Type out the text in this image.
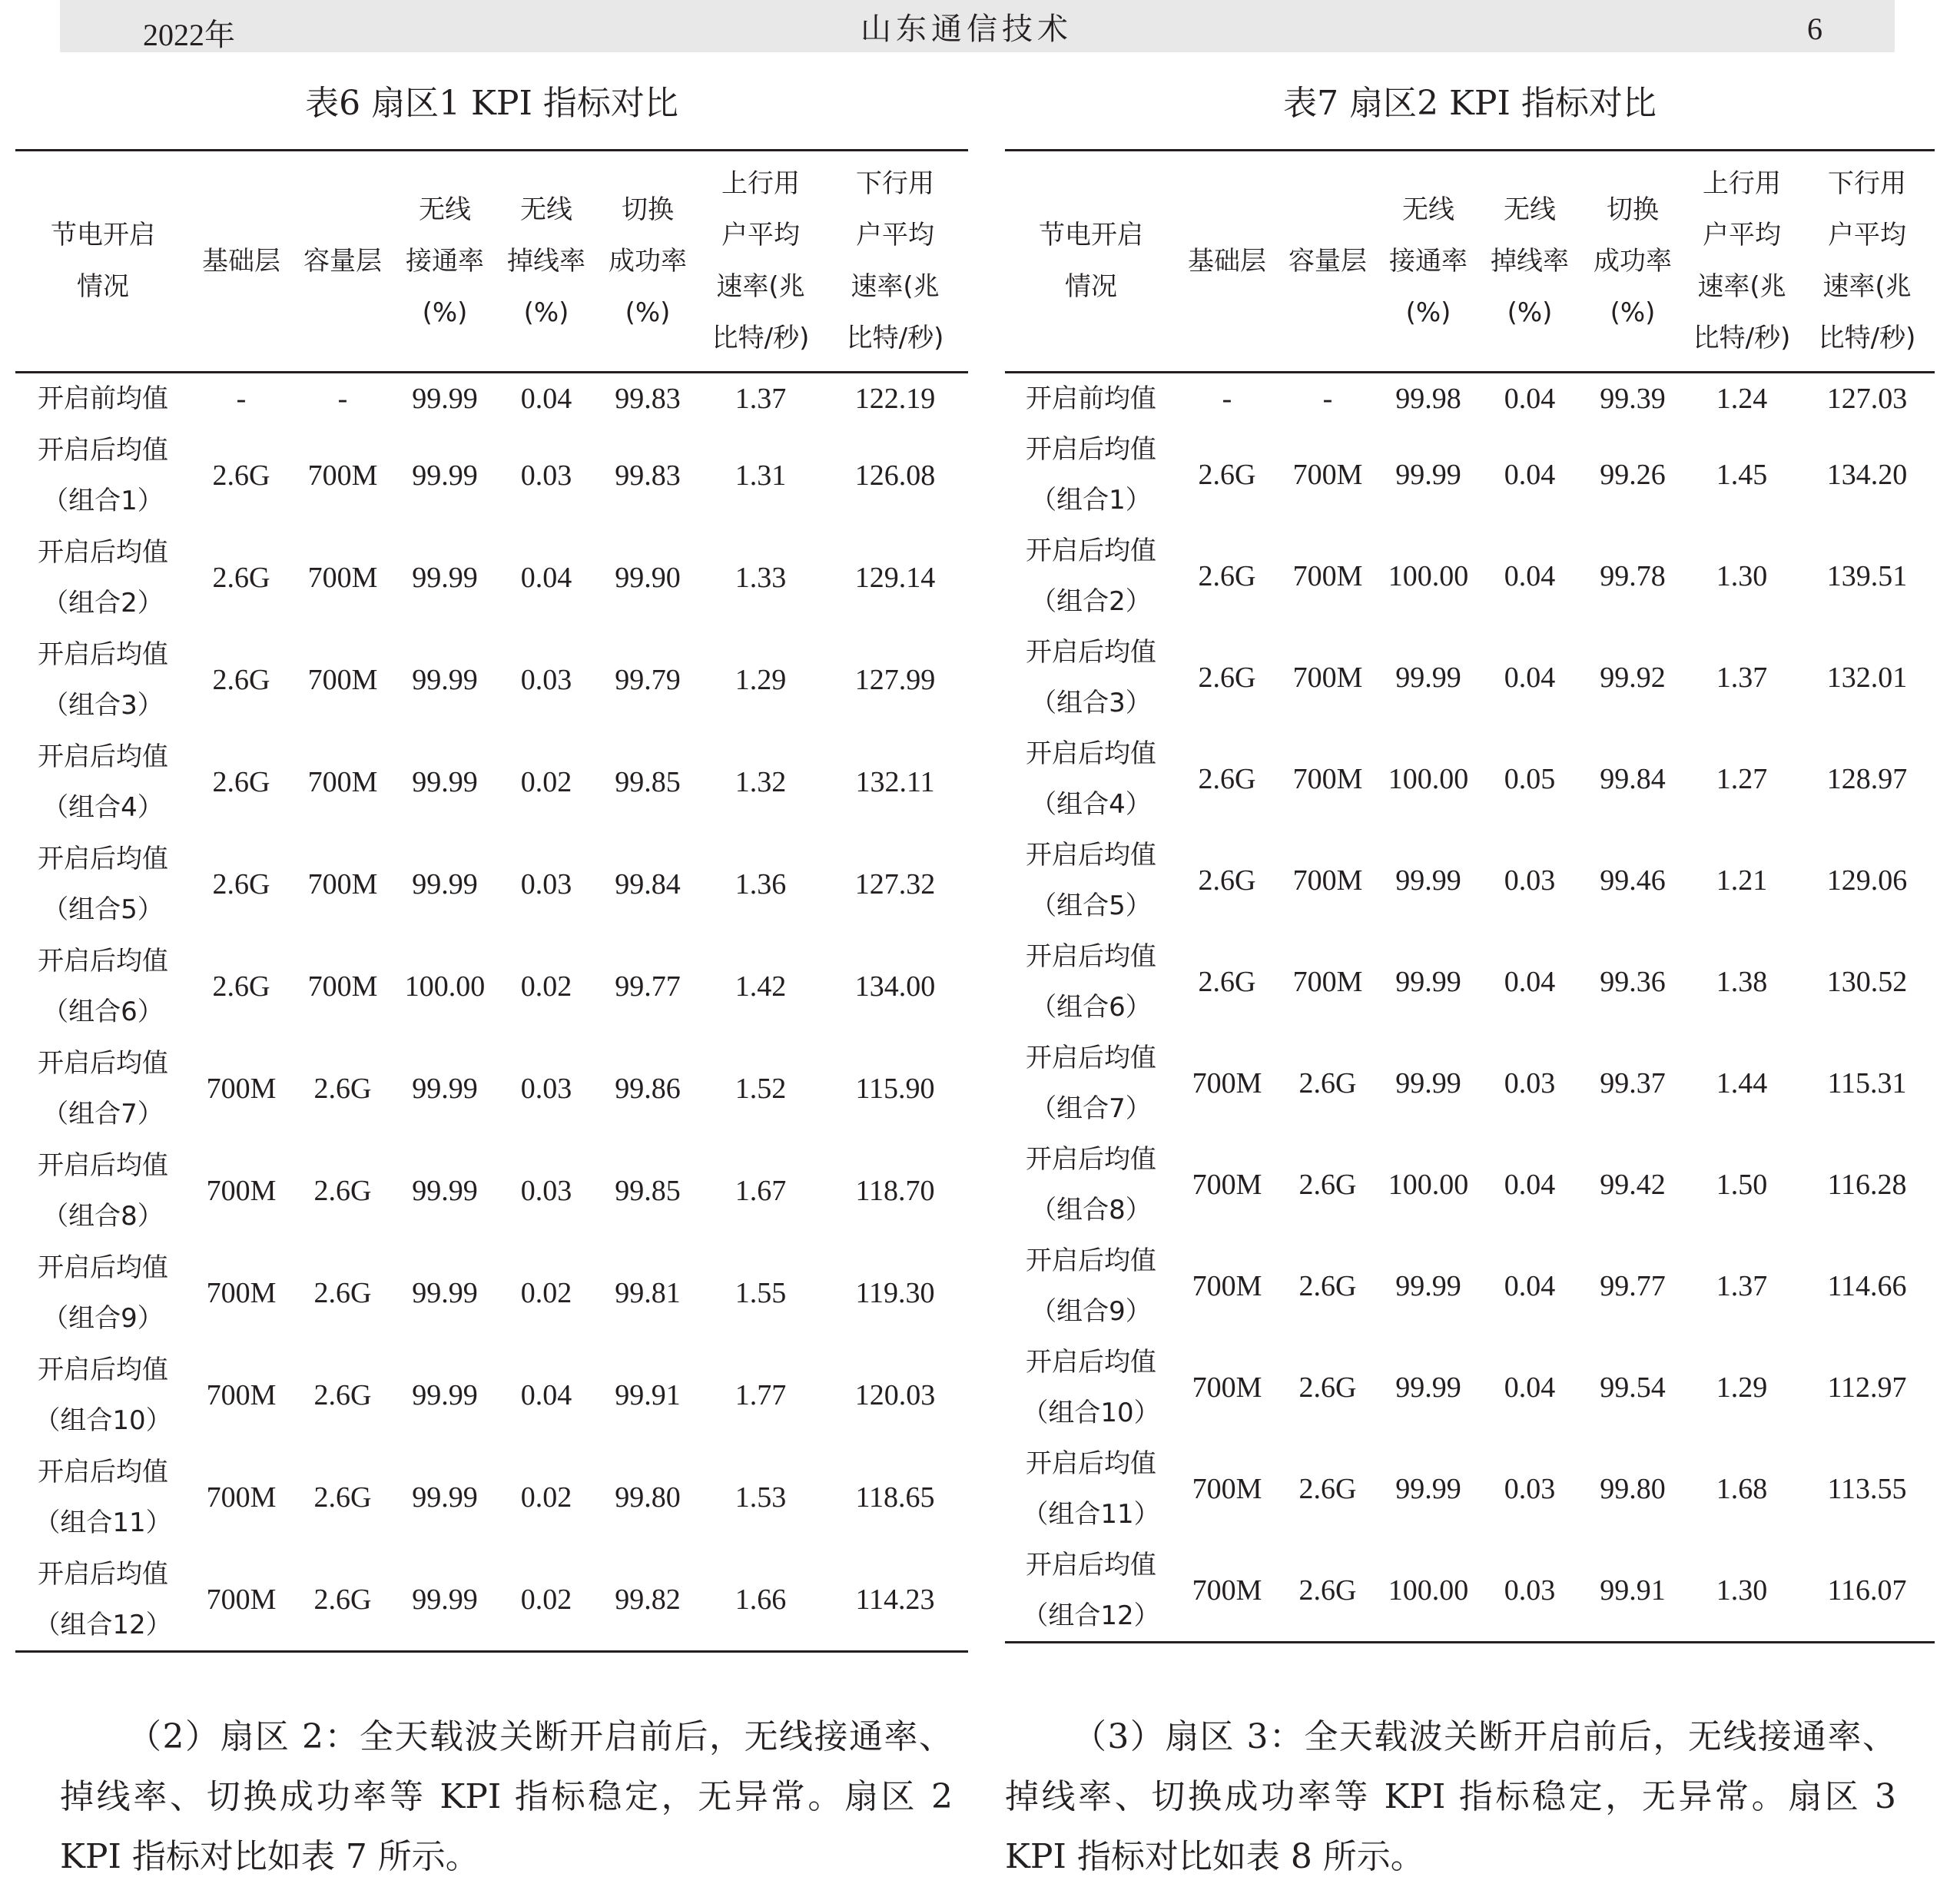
2022年	山东通信技术	6
表6 扇区1 KPI 指标对比	表7 扇区2 KPI 指标对比
节电开启
情况	基础层	容量层	无线
接通率
(%)	无线
掉线率
(%)	切换
成功率
(%)	上行用
户平均
速率(兆
比特/秒)	下行用
户平均
速率(兆
比特/秒)

开启前均值	-	-	99.99	0.04	99.83	1.37	122.19

开启后均值
（组合1）	2.6G	700M	99.99	0.03	99.83	1.31	126.08

开启后均值
（组合2）	2.6G	700M	99.99	0.04	99.90	1.33	129.14

开启后均值
（组合3）	2.6G	700M	99.99	0.03	99.79	1.29	127.99

开启后均值
（组合4）	2.6G	700M	99.99	0.02	99.85	1.32	132.11

开启后均值
（组合5）	2.6G	700M	99.99	0.03	99.84	1.36	127.32

开启后均值
（组合6）	2.6G	700M	100.00	0.02	99.77	1.42	134.00

开启后均值
（组合7）	700M	2.6G	99.99	0.03	99.86	1.52	115.90

开启后均值
（组合8）	700M	2.6G	99.99	0.03	99.85	1.67	118.70

开启后均值
（组合9）	700M	2.6G	99.99	0.02	99.81	1.55	119.30

开启后均值
（组合10）	700M	2.6G	99.99	0.04	99.91	1.77	120.03

开启后均值
（组合11）	700M	2.6G	99.99	0.02	99.80	1.53	118.65

开启后均值
（组合12）	700M	2.6G	99.99	0.02	99.82	1.66	114.23
节电开启
情况	基础层	容量层	无线
接通率
(%)	无线
掉线率
(%)	切换
成功率
(%)	上行用
户平均
速率(兆
比特/秒)	下行用
户平均
速率(兆
比特/秒)

开启前均值	-	-	99.98	0.04	99.39	1.24	127.03

开启后均值
（组合1）	2.6G	700M	99.99	0.04	99.26	1.45	134.20

开启后均值
（组合2）	2.6G	700M	100.00	0.04	99.78	1.30	139.51

开启后均值
（组合3）	2.6G	700M	99.99	0.04	99.92	1.37	132.01

开启后均值
（组合4）	2.6G	700M	100.00	0.05	99.84	1.27	128.97

开启后均值
（组合5）	2.6G	700M	99.99	0.03	99.46	1.21	129.06

开启后均值
（组合6）	2.6G	700M	99.99	0.04	99.36	1.38	130.52

开启后均值
（组合7）	700M	2.6G	99.99	0.03	99.37	1.44	115.31

开启后均值
（组合8）	700M	2.6G	100.00	0.04	99.42	1.50	116.28

开启后均值
（组合9）	700M	2.6G	99.99	0.04	99.77	1.37	114.66

开启后均值
（组合10）	700M	2.6G	99.99	0.04	99.54	1.29	112.97

开启后均值
（组合11）	700M	2.6G	99.99	0.03	99.80	1.68	113.55

开启后均值
（组合12）	700M	2.6G	100.00	0.03	99.91	1.30	116.07

（2）扇区 2：全天载波关断开启前后，无线接通率、掉线率、切换成功率等 KPI 指标稳定，无异常。扇区 2 KPI 指标对比如表 7 所示。

（3）扇区 3：全天载波关断开启前后，无线接通率、掉线率、切换成功率等 KPI 指标稳定，无异常。扇区 3 KPI 指标对比如表 8 所示。
